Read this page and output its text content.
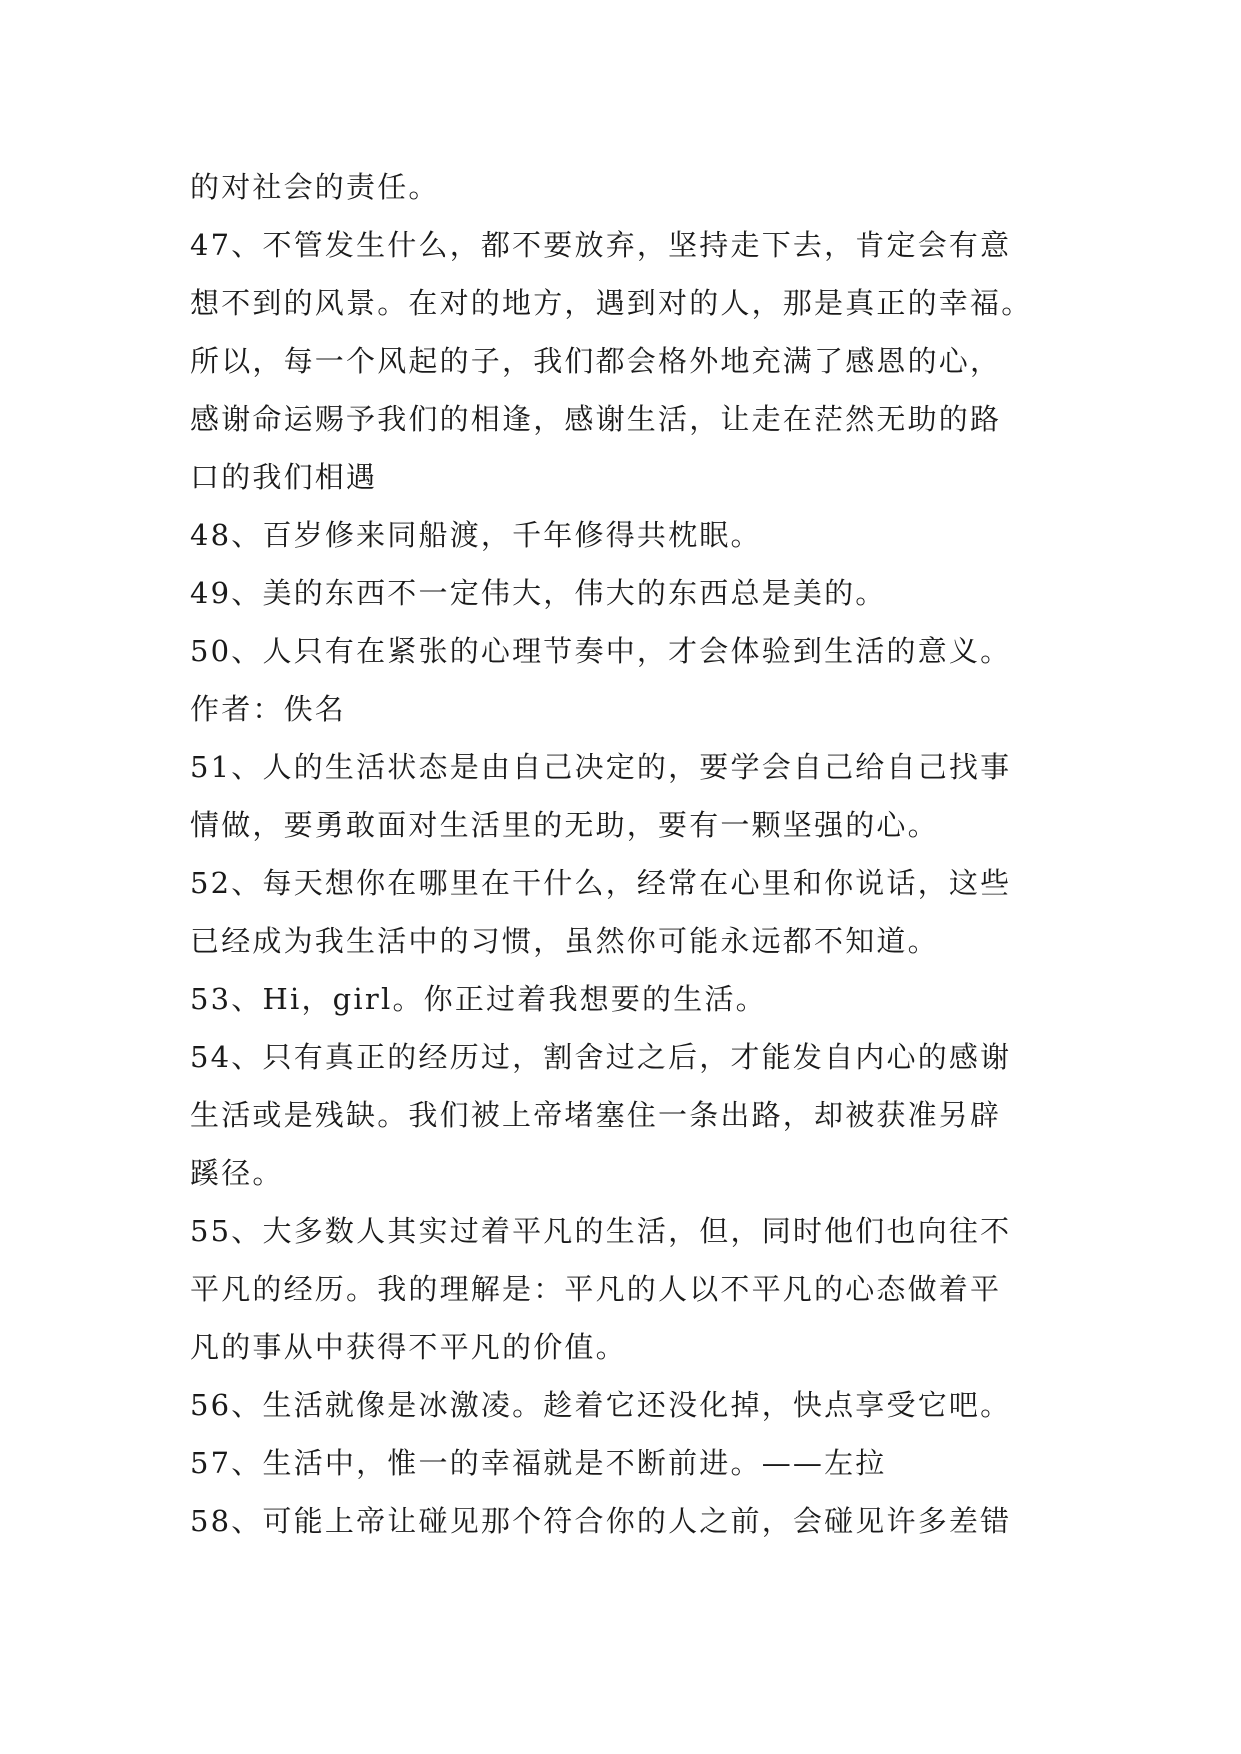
的对社会的责任。
47、不管发生什么，都不要放弃，坚持走下去，肯定会有意
想不到的风景。在对的地方，遇到对的人，那是真正的幸福。
所以，每一个风起的子，我们都会格外地充满了感恩的心，
感谢命运赐予我们的相逢，感谢生活，让走在茫然无助的路
口的我们相遇
48、百岁修来同船渡，千年修得共枕眠。
49、美的东西不一定伟大，伟大的东西总是美的。
50、人只有在紧张的心理节奏中，才会体验到生活的意义。
作者：佚名
51、人的生活状态是由自己决定的，要学会自己给自己找事
情做，要勇敢面对生活里的无助，要有一颗坚强的心。
52、每天想你在哪里在干什么，经常在心里和你说话，这些
已经成为我生活中的习惯，虽然你可能永远都不知道。
53、Hi，girl。你正过着我想要的生活。
54、只有真正的经历过，割舍过之后，才能发自内心的感谢
生活或是残缺。我们被上帝堵塞住一条出路，却被获准另辟
蹊径。
55、大多数人其实过着平凡的生活，但，同时他们也向往不
平凡的经历。我的理解是：平凡的人以不平凡的心态做着平
凡的事从中获得不平凡的价值。
56、生活就像是冰激凌。趁着它还没化掉，快点享受它吧。
57、生活中，惟一的幸福就是不断前进。——左拉
58、可能上帝让碰见那个符合你的人之前，会碰见许多差错
